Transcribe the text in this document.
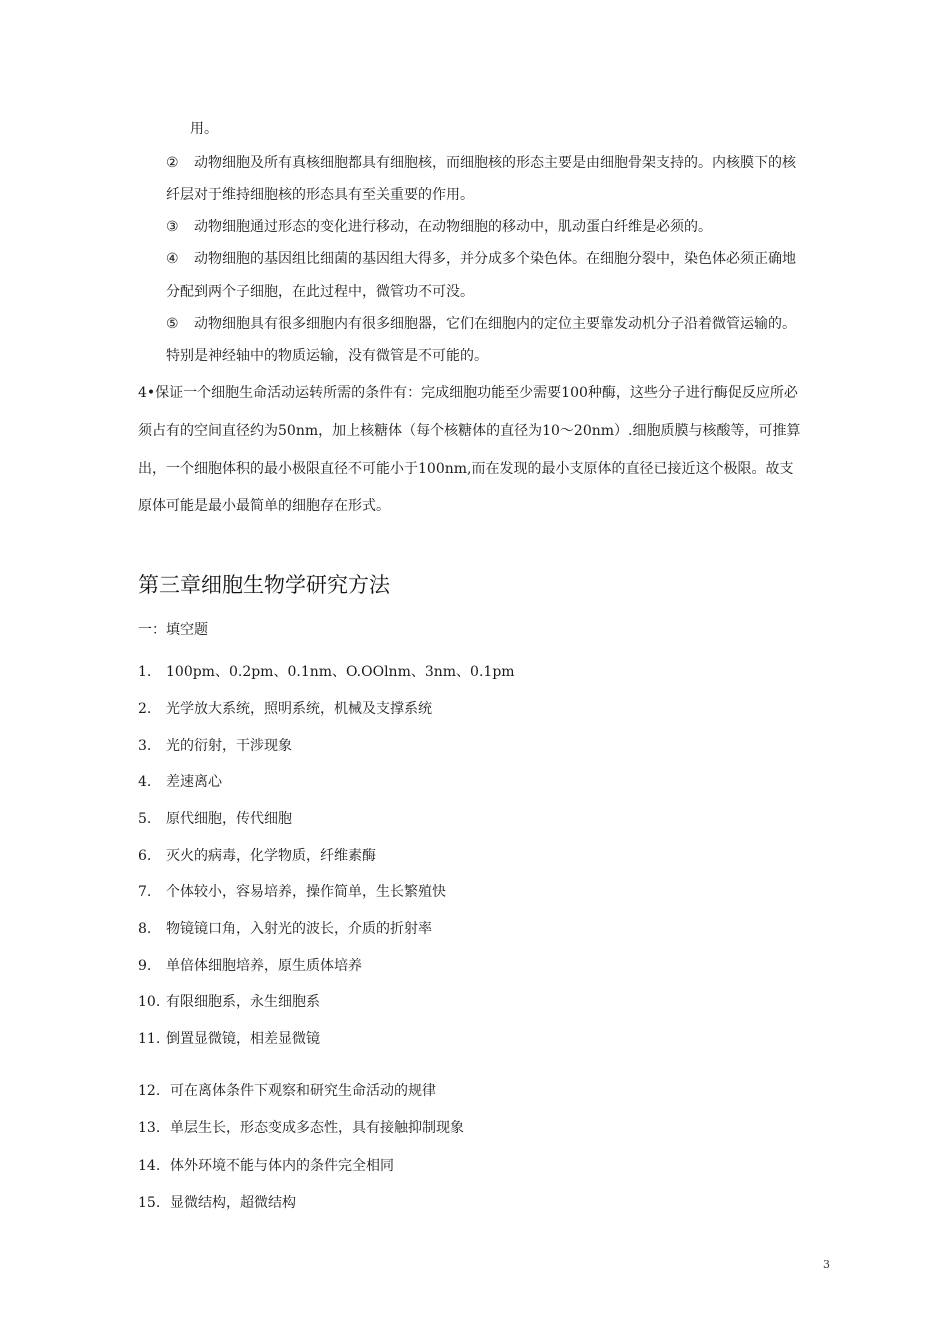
用。
② 动物细胞及所有真核细胞都具有细胞核，而细胞核的形态主要是由细胞骨架支持的。内核膜下的核
纤层对于维持细胞核的形态具有至关重要的作用。
③ 动物细胞通过形态的变化进行移动，在动物细胞的移动中，肌动蛋白纤维是必须的。
④ 动物细胞的基因组比细菌的基因组大得多，并分成多个染色体。在细胞分裂中，染色体必须正确地
分配到两个子细胞，在此过程中，微管功不可没。
⑤ 动物细胞具有很多细胞内有很多细胞器，它们在细胞内的定位主要靠发动机分子沿着微管运输的。
特别是神经轴中的物质运输，没有微管是不可能的。
4•保证一个细胞生命活动运转所需的条件有：完成细胞功能至少需要100种酶，这些分子进行酶促反应所必
须占有的空间直径约为50nm，加上核糖体（每个核糖体的直径为10〜20nm）.细胞质膜与核酸等，可推算
出，一个细胞体积的最小极限直径不可能小于100nm,而在发现的最小支原体的直径已接近这个极限。故支
原体可能是最小最简单的细胞存在形式。
第三章细胞生物学研究方法
一：填空题
1. 100pm、0.2pm、0.1nm、O.OOlnm、3nm、0.1pm
2. 光学放大系统，照明系统，机械及支撑系统
3. 光的衍射，干涉现象
4. 差速离心
5. 原代细胞，传代细胞
6. 灭火的病毒，化学物质，纤维素酶
7. 个体较小，容易培养，操作简单，生长繁殖快
8. 物镜镜口角，入射光的波长，介质的折射率
9. 单倍体细胞培养，原生质体培养
10. 有限细胞系，永生细胞系
11. 倒置显微镜，相差显微镜
12. 可在离体条件下观察和研究生命活动的规律
13. 单层生长，形态变成多态性，具有接触抑制现象
14. 体外环境不能与体内的条件完全相同
15. 显微结构，超微结构
3
